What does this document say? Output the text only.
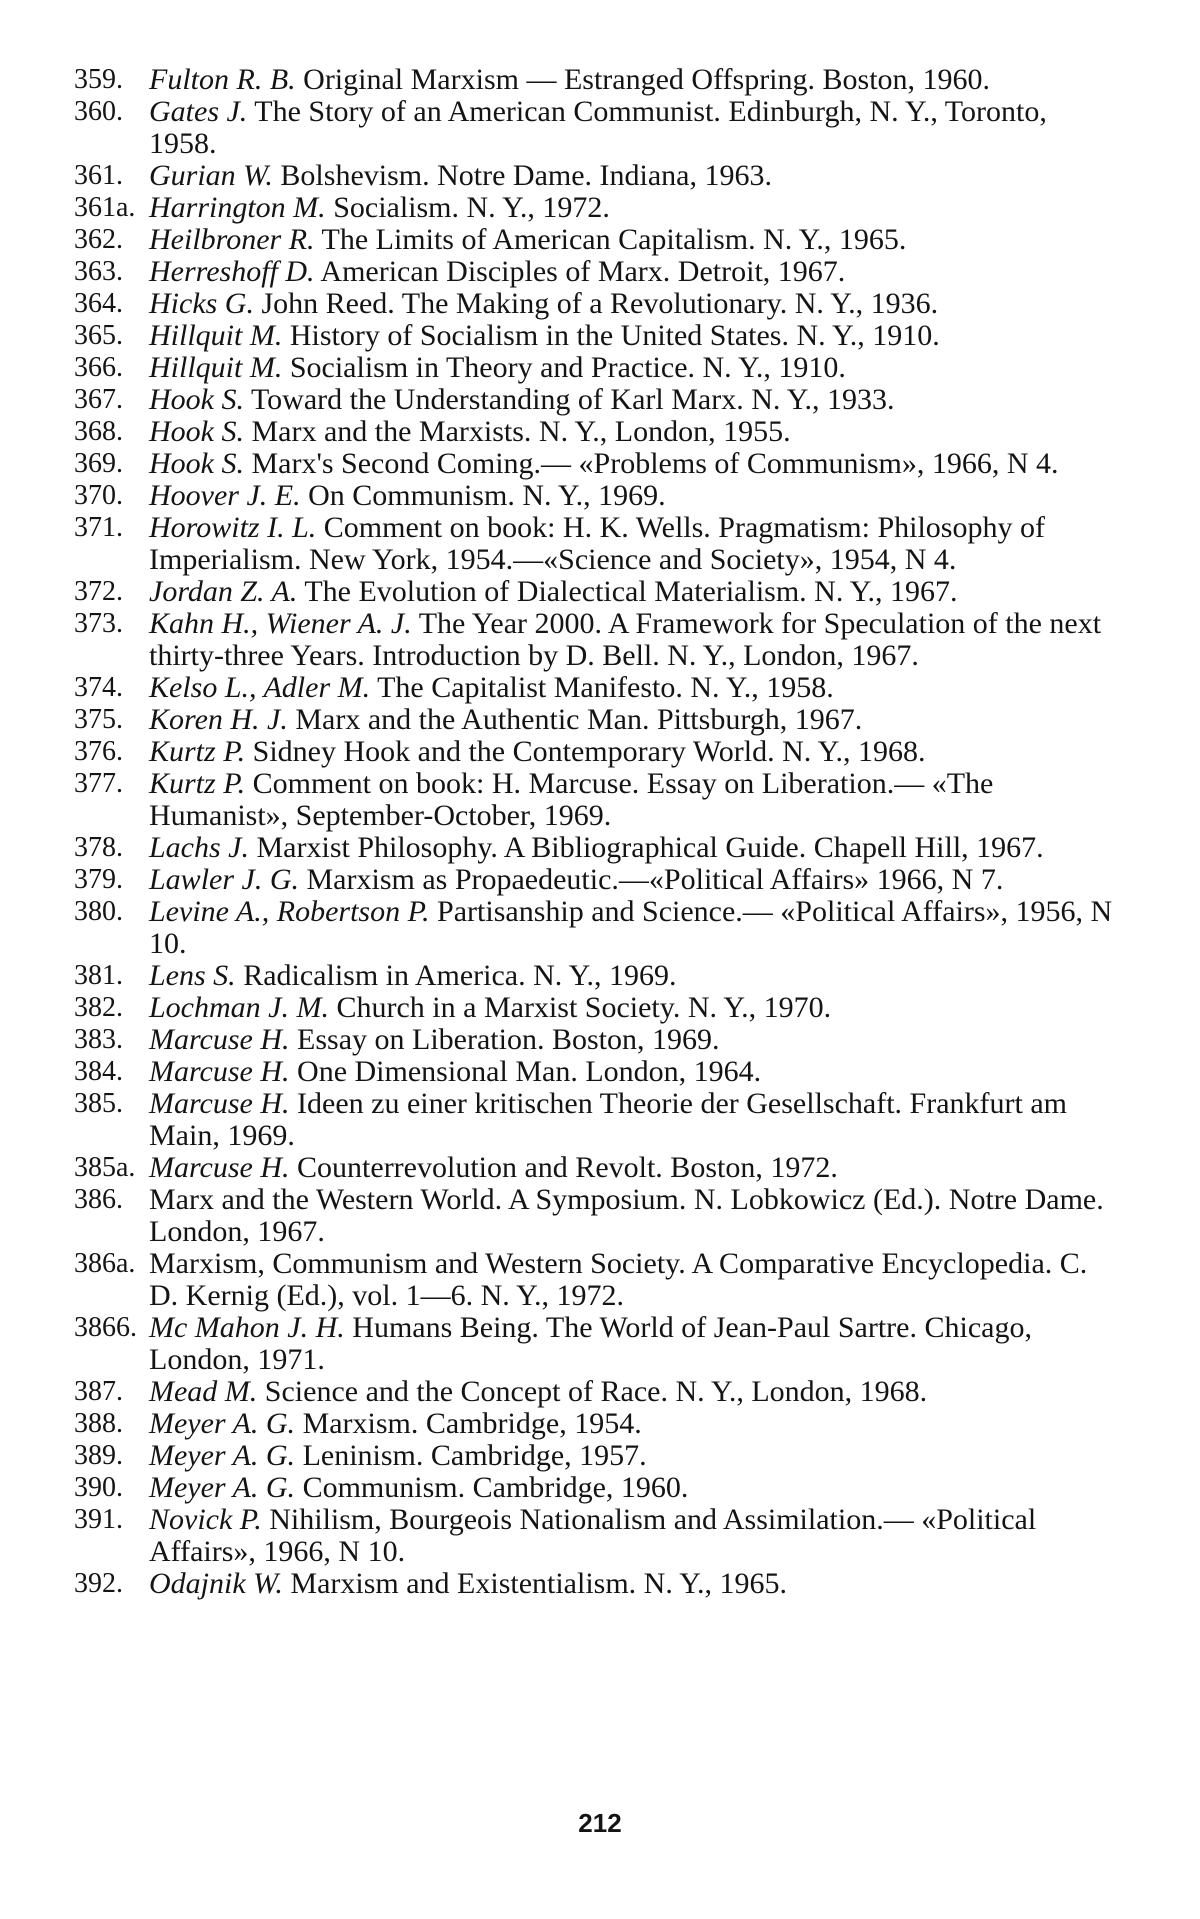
359. Fulton R. B. Original Marxism — Estranged Offspring. Boston, 1960.
360. Gates J. The Story of an American Communist. Edinburgh, N. Y., Toronto, 1958.
361. Gurian W. Bolshevism. Notre Dame. Indiana, 1963.
361a. Harrington M. Socialism. N. Y., 1972.
362. Heilbroner R. The Limits of American Capitalism. N. Y., 1965.
363. Herreshoff D. American Disciples of Marx. Detroit, 1967.
364. Hicks G. John Reed. The Making of a Revolutionary. N. Y., 1936.
365. Hillquit M. History of Socialism in the United States. N. Y., 1910.
366. Hillquit M. Socialism in Theory and Practice. N. Y., 1910.
367. Hook S. Toward the Understanding of Karl Marx. N. Y., 1933.
368. Hook S. Marx and the Marxists. N. Y., London, 1955.
369. Hook S. Marx's Second Coming.— «Problems of Communism», 1966, N 4.
370. Hoover J. E. On Communism. N. Y., 1969.
371. Horowitz I. L. Comment on book: H. K. Wells. Pragmatism: Philosophy of Imperialism. New York, 1954.—«Science and Society», 1954, N 4.
372. Jordan Z. A. The Evolution of Dialectical Materialism. N. Y., 1967.
373. Kahn H., Wiener A. J. The Year 2000. A Framework for Speculation of the next thirty-three Years. Introduction by D. Bell. N. Y., London, 1967.
374. Kelso L., Adler M. The Capitalist Manifesto. N. Y., 1958.
375. Koren H. J. Marx and the Authentic Man. Pittsburgh, 1967.
376. Kurtz P. Sidney Hook and the Contemporary World. N. Y., 1968.
377. Kurtz P. Comment on book: H. Marcuse. Essay on Liberation.— «The Humanist», September-October, 1969.
378. Lachs J. Marxist Philosophy. A Bibliographical Guide. Chapell Hill, 1967.
379. Lawler J. G. Marxism as Propaedeutic.—«Political Affairs» 1966, N 7.
380. Levine A., Robertson P. Partisanship and Science.— «Political Affairs», 1956, N 10.
381. Lens S. Radicalism in America. N. Y., 1969.
382. Lochman J. M. Church in a Marxist Society. N. Y., 1970.
383. Marcuse H. Essay on Liberation. Boston, 1969.
384. Marcuse H. One Dimensional Man. London, 1964.
385. Marcuse H. Ideen zu einer kritischen Theorie der Gesellschaft. Frankfurt am Main, 1969.
385a. Marcuse H. Counterrevolution and Revolt. Boston, 1972.
386. Marx and the Western World. A Symposium. N. Lobkowicz (Ed.). Notre Dame. London, 1967.
386a. Marxism, Communism and Western Society. A Comparative Encyclopedia. C. D. Kernig (Ed.), vol. 1—6. N. Y., 1972.
3866. Mc Mahon J. H. Humans Being. The World of Jean-Paul Sartre. Chicago, London, 1971.
387. Mead M. Science and the Concept of Race. N. Y., London, 1968.
388. Meyer A. G. Marxism. Cambridge, 1954.
389. Meyer A. G. Leninism. Cambridge, 1957.
390. Meyer A. G. Communism. Cambridge, 1960.
391. Novick P. Nihilism, Bourgeois Nationalism and Assimilation.— «Political Affairs», 1966, N 10.
392. Odajnik W. Marxism and Existentialism. N. Y., 1965.
212
